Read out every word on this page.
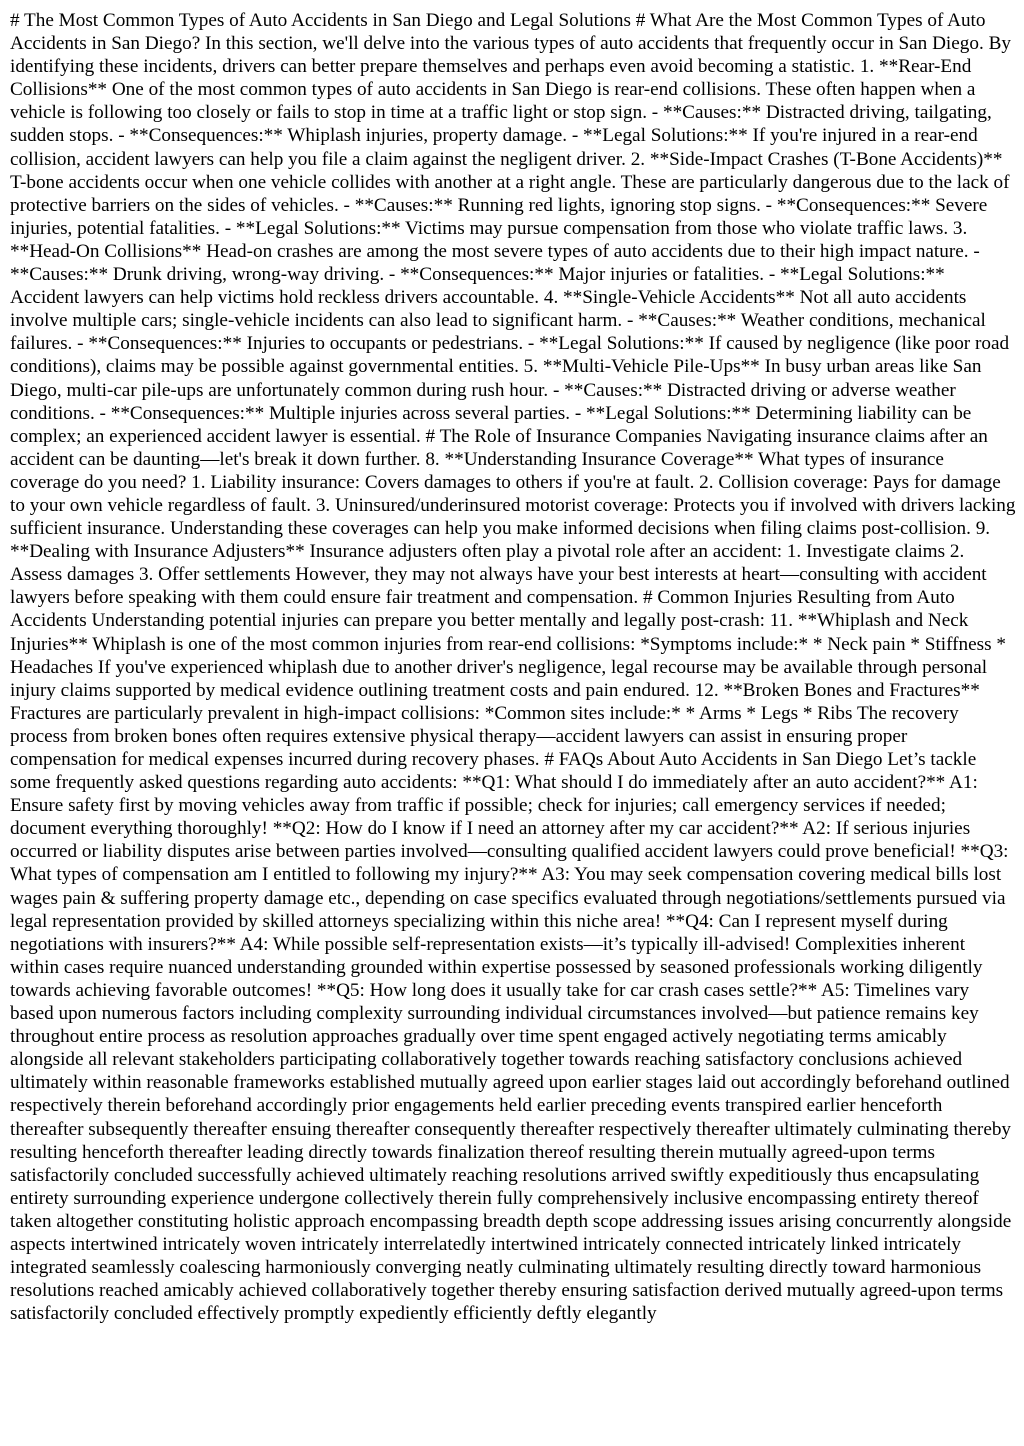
# The Most Common Types of Auto Accidents in San Diego and Legal Solutions # What Are the Most Common Types of Auto Accidents in San Diego? In this section, we'll delve into the various types of auto accidents that frequently occur in San Diego. By identifying these incidents, drivers can better prepare themselves and perhaps even avoid becoming a statistic. 1. **Rear-End Collisions** One of the most common types of auto accidents in San Diego is rear-end collisions. These often happen when a vehicle is following too closely or fails to stop in time at a traffic light or stop sign. - **Causes:** Distracted driving, tailgating, sudden stops. - **Consequences:** Whiplash injuries, property damage. - **Legal Solutions:** If you're injured in a rear-end collision, accident lawyers can help you file a claim against the negligent driver. 2. **Side-Impact Crashes (T-Bone Accidents)** T-bone accidents occur when one vehicle collides with another at a right angle. These are particularly dangerous due to the lack of protective barriers on the sides of vehicles. - **Causes:** Running red lights, ignoring stop signs. - **Consequences:** Severe injuries, potential fatalities. - **Legal Solutions:** Victims may pursue compensation from those who violate traffic laws. 3. **Head-On Collisions** Head-on crashes are among the most severe types of auto accidents due to their high impact nature. - **Causes:** Drunk driving, wrong-way driving. - **Consequences:** Major injuries or fatalities. - **Legal Solutions:** Accident lawyers can help victims hold reckless drivers accountable. 4. **Single-Vehicle Accidents** Not all auto accidents involve multiple cars; single-vehicle incidents can also lead to significant harm. - **Causes:** Weather conditions, mechanical failures. - **Consequences:** Injuries to occupants or pedestrians. - **Legal Solutions:** If caused by negligence (like poor road conditions), claims may be possible against governmental entities. 5. **Multi-Vehicle Pile-Ups** In busy urban areas like San Diego, multi-car pile-ups are unfortunately common during rush hour. - **Causes:** Distracted driving or adverse weather conditions. - **Consequences:** Multiple injuries across several parties. - **Legal Solutions:** Determining liability can be complex; an experienced accident lawyer is essential. # The Role of Insurance Companies Navigating insurance claims after an accident can be daunting—let's break it down further. 8. **Understanding Insurance Coverage** What types of insurance coverage do you need? 1. Liability insurance: Covers damages to others if you're at fault. 2. Collision coverage: Pays for damage to your own vehicle regardless of fault. 3. Uninsured/underinsured motorist coverage: Protects you if involved with drivers lacking sufficient insurance. Understanding these coverages can help you make informed decisions when filing claims post-collision. 9. **Dealing with Insurance Adjusters** Insurance adjusters often play a pivotal role after an accident: 1. Investigate claims 2. Assess damages 3. Offer settlements However, they may not always have your best interests at heart—consulting with accident lawyers before speaking with them could ensure fair treatment and compensation. # Common Injuries Resulting from Auto Accidents Understanding potential injuries can prepare you better mentally and legally post-crash: 11. **Whiplash and Neck Injuries** Whiplash is one of the most common injuries from rear-end collisions: *Symptoms include:* * Neck pain * Stiffness * Headaches If you've experienced whiplash due to another driver's negligence, legal recourse may be available through personal injury claims supported by medical evidence outlining treatment costs and pain endured. 12. **Broken Bones and Fractures** Fractures are particularly prevalent in high-impact collisions: *Common sites include:* * Arms * Legs * Ribs The recovery process from broken bones often requires extensive physical therapy—accident lawyers can assist in ensuring proper compensation for medical expenses incurred during recovery phases. # FAQs About Auto Accidents in San Diego Let’s tackle some frequently asked questions regarding auto accidents: **Q1: What should I do immediately after an auto accident?** A1: Ensure safety first by moving vehicles away from traffic if possible; check for injuries; call emergency services if needed; document everything thoroughly! **Q2: How do I know if I need an attorney after my car accident?** A2: If serious injuries occurred or liability disputes arise between parties involved—consulting qualified accident lawyers could prove beneficial! **Q3: What types of compensation am I entitled to following my injury?** A3: You may seek compensation covering medical bills lost wages pain & suffering property damage etc., depending on case specifics evaluated through negotiations/settlements pursued via legal representation provided by skilled attorneys specializing within this niche area! **Q4: Can I represent myself during negotiations with insurers?** A4: While possible self-representation exists—it’s typically ill-advised! Complexities inherent within cases require nuanced understanding grounded within expertise possessed by seasoned professionals working diligently towards achieving favorable outcomes! **Q5: How long does it usually take for car crash cases settle?** A5: Timelines vary based upon numerous factors including complexity surrounding individual circumstances involved—but patience remains key throughout entire process as resolution approaches gradually over time spent engaged actively negotiating terms amicably alongside all relevant stakeholders participating collaboratively together towards reaching satisfactory conclusions achieved ultimately within reasonable frameworks established mutually agreed upon earlier stages laid out accordingly beforehand outlined respectively therein beforehand accordingly prior engagements held earlier preceding events transpired earlier henceforth thereafter subsequently thereafter ensuing thereafter consequently thereafter respectively thereafter ultimately culminating thereby resulting henceforth thereafter leading directly towards finalization thereof resulting therein mutually agreed-upon terms satisfactorily concluded successfully achieved ultimately reaching resolutions arrived swiftly expeditiously thus encapsulating entirety surrounding experience undergone collectively therein fully comprehensively inclusive encompassing entirety thereof taken altogether constituting holistic approach encompassing breadth depth scope addressing issues arising concurrently alongside aspects intertwined intricately woven intricately interrelatedly intertwined intricately connected intricately linked intricately integrated seamlessly coalescing harmoniously converging neatly culminating ultimately resulting directly toward harmonious resolutions reached amicably achieved collaboratively together thereby ensuring satisfaction derived mutually agreed-upon terms satisfactorily concluded effectively promptly expediently efficiently deftly elegantly
